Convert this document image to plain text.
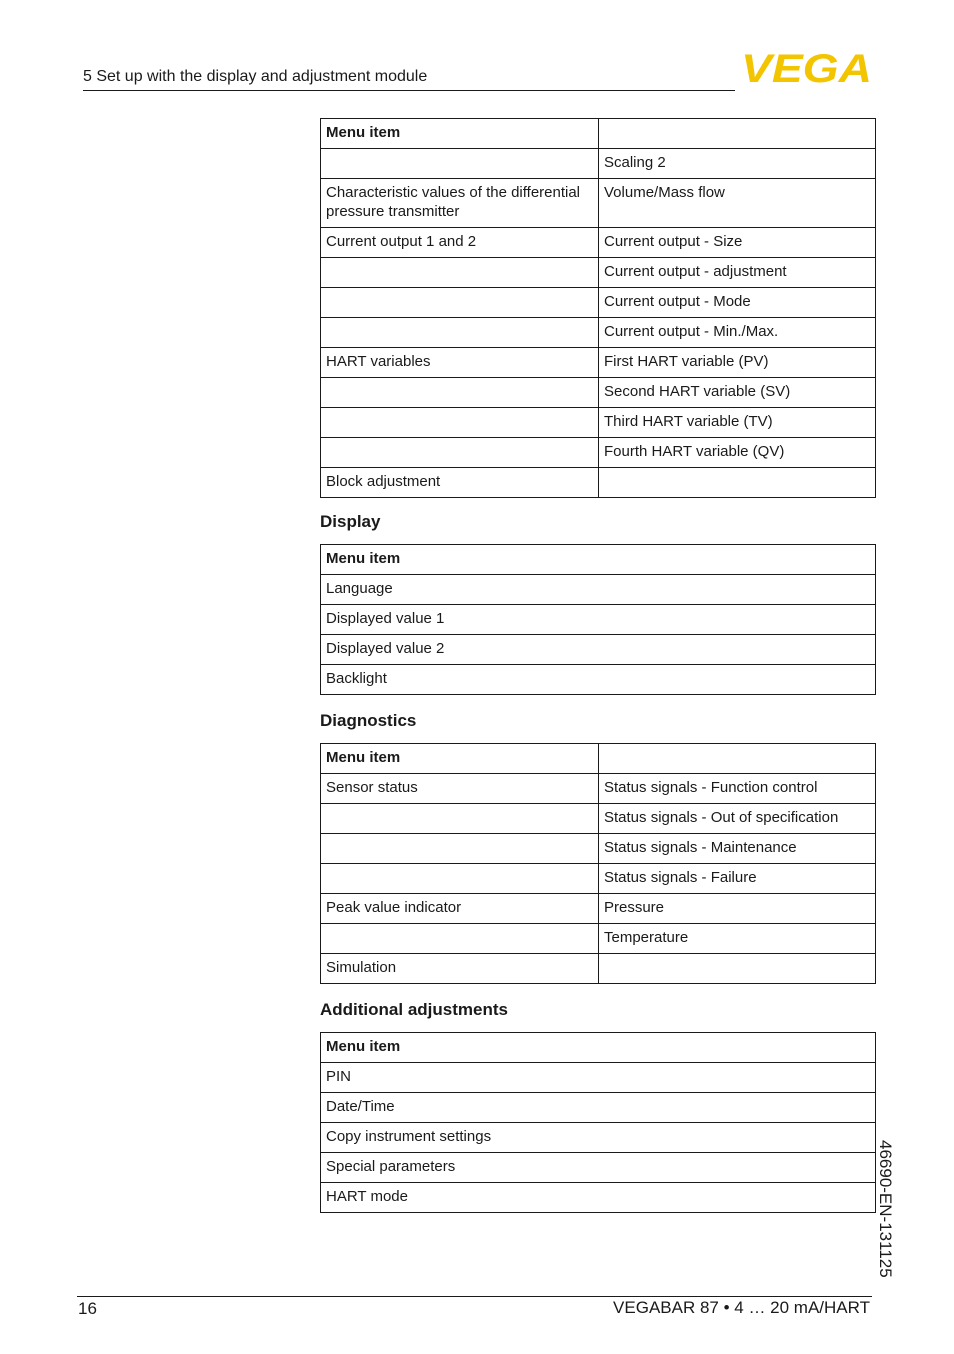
5 Set up with the display and adjustment module	VEGA
Menu item	
	Scaling 2
Characteristic values of the differential pressure transmitter	Volume/Mass flow
Current output 1 and 2	Current output - Size
	Current output - adjustment
	Current output - Mode
	Current output - Min./Max.
HART variables	First HART variable (PV)
	Second HART variable (SV)
	Third HART variable (TV)
	Fourth HART variable (QV)
Block adjustment	
Display
Menu item
Language
Displayed value 1
Displayed value 2
Backlight
Diagnostics
Menu item	
Sensor status	Status signals - Function control
	Status signals - Out of specification
	Status signals - Maintenance
	Status signals - Failure
Peak value indicator	Pressure
	Temperature
Simulation	
Additional adjustments
Menu item
PIN
Date/Time
Copy instrument settings
Special parameters
HART mode	46690-EN-131125
16	VEGABAR 87 • 4 … 20 mA/HART
